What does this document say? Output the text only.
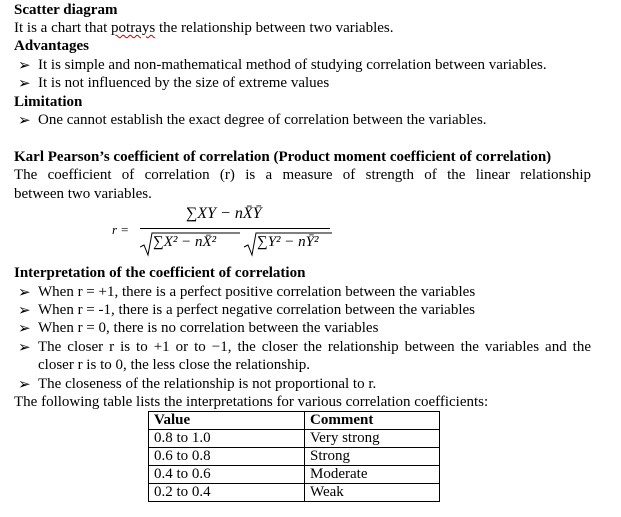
Scatter diagram
It is a chart that potrays the relationship between two variables.
Advantages
➢ It is simple and non-mathematical method of studying correlation between variables.
➢ It is not influenced by the size of extreme values
Limitation
➢ One cannot establish the exact degree of correlation between the variables.
Karl Pearson’s coefficient of correlation (Product moment coefficient of correlation)
The coefficient of correlation (r) is a measure of strength of the linear relationship
between two variables.
r =
∑XY − nX̄Ȳ
∑X² − nX̄²	∑Y² − nȲ²
Interpretation of the coefficient of correlation
➢ When r = +1, there is a perfect positive correlation between the variables
➢ When r = -1, there is a perfect negative correlation between the variables
➢ When r = 0, there is no correlation between the variables
➢ The closer r is to +1 or to −1, the closer the relationship between the variables and the
closer r is to 0, the less close the relationship.
➢ The closeness of the relationship is not proportional to r.
The following table lists the interpretations for various correlation coefficients:
Value	Comment
0.8 to 1.0	Very strong
0.6 to 0.8	Strong
0.4 to 0.6	Moderate
0.2 to 0.4	Weak
